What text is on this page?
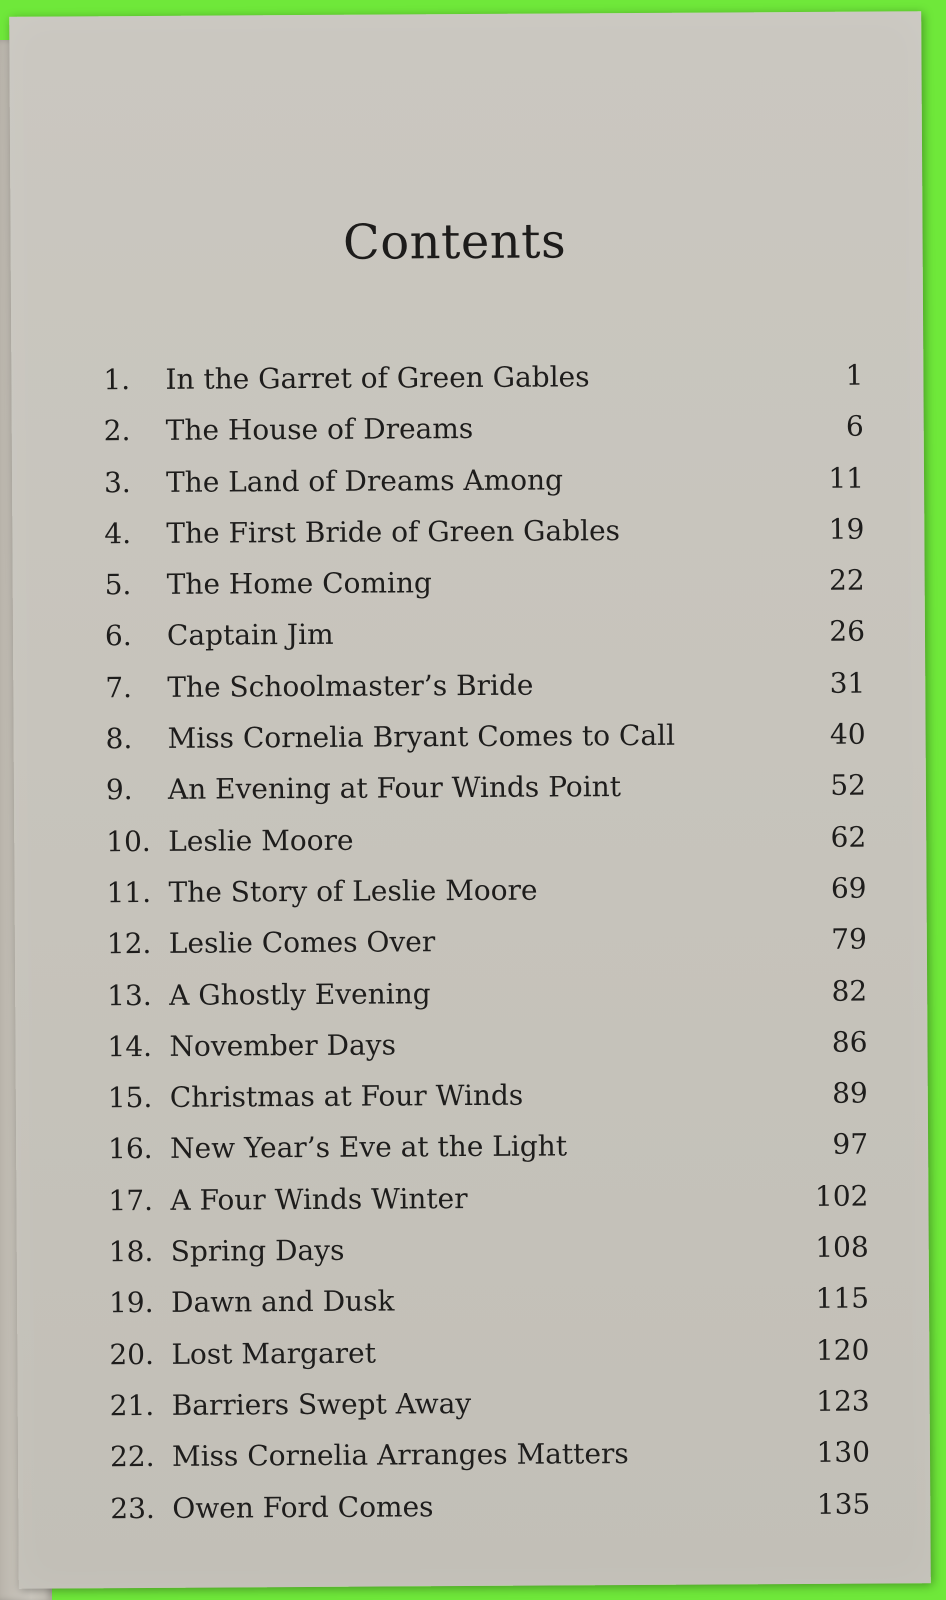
Contents
1.	In the Garret of Green Gables	1
2.	The House of Dreams	6
3.	The Land of Dreams Among	11
4.	The First Bride of Green Gables	19
5.	The Home Coming	22
6.	Captain Jim	26
7.	The Schoolmaster’s Bride	31
8.	Miss Cornelia Bryant Comes to Call	40
9.	An Evening at Four Winds Point	52
10. Leslie Moore	62
11. The Story of Leslie Moore	69
12. Leslie Comes Over	79
13. A Ghostly Evening	82
14. November Days	86
15. Christmas at Four Winds	89
16. New Year’s Eve at the Light	97
17. A Four Winds Winter	102
18. Spring Days	108
19. Dawn and Dusk	115
20. Lost Margaret	120
21. Barriers Swept Away	123
22. Miss Cornelia Arranges Matters	130
23. Owen Ford Comes	135
